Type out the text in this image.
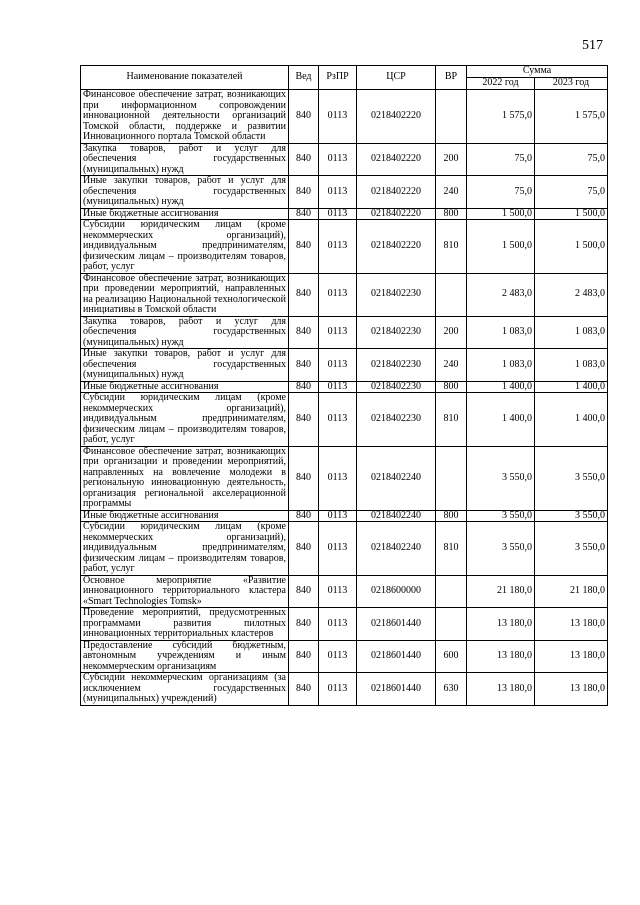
517
Наименование показателей	Вед	РзПР	ЦСР	ВР	Сумма	
					2022 год	2023 год
Финансовое обеспечение затрат, возникающих при информационном сопровождении инновационной деятельности организаций Томской области, поддержке и развитии Инновационного портала Томской области	840	0113	0218402220		1 575,0	1 575,0
Закупка товаров, работ и услуг для обеспечения государственных (муниципальных) нужд	840	0113	0218402220	200	75,0	75,0
Иные закупки товаров, работ и услуг для обеспечения государственных (муниципальных) нужд	840	0113	0218402220	240	75,0	75,0
Иные бюджетные ассигнования	840	0113	0218402220	800	1 500,0	1 500,0
Субсидии юридическим лицам (кроме некоммерческих организаций), индивидуальным предпринимателям, физическим лицам – производителям товаров, работ, услуг	840	0113	0218402220	810	1 500,0	1 500,0
Финансовое обеспечение затрат, возникающих при проведении мероприятий, направленных на реализацию Национальной технологической инициативы в Томской области	840	0113	0218402230		2 483,0	2 483,0
Закупка товаров, работ и услуг для обеспечения государственных (муниципальных) нужд	840	0113	0218402230	200	1 083,0	1 083,0
Иные закупки товаров, работ и услуг для обеспечения государственных (муниципальных) нужд	840	0113	0218402230	240	1 083,0	1 083,0
Иные бюджетные ассигнования	840	0113	0218402230	800	1 400,0	1 400,0
Субсидии юридическим лицам (кроме некоммерческих организаций), индивидуальным предпринимателям, физическим лицам – производителям товаров, работ, услуг	840	0113	0218402230	810	1 400,0	1 400,0
Финансовое обеспечение затрат, возникающих при организации и проведении мероприятий, направленных на вовлечение молодежи в региональную инновационную деятельность, организация региональной акселерационной программы	840	0113	0218402240		3 550,0	3 550,0
Иные бюджетные ассигнования	840	0113	0218402240	800	3 550,0	3 550,0
Субсидии юридическим лицам (кроме некоммерческих организаций), индивидуальным предпринимателям, физическим лицам – производителям товаров, работ, услуг	840	0113	0218402240	810	3 550,0	3 550,0
Основное мероприятие «Развитие инновационного территориального кластера «Smart Technologies Tomsk»	840	0113	0218600000		21 180,0	21 180,0
Проведение мероприятий, предусмотренных программами развития пилотных инновационных территориальных кластеров	840	0113	0218601440		13 180,0	13 180,0
Предоставление субсидий бюджетным, автономным учреждениям и иным некоммерческим организациям	840	0113	0218601440	600	13 180,0	13 180,0
Субсидии некоммерческим организациям (за исключением государственных (муниципальных) учреждений)	840	0113	0218601440	630	13 180,0	13 180,0
